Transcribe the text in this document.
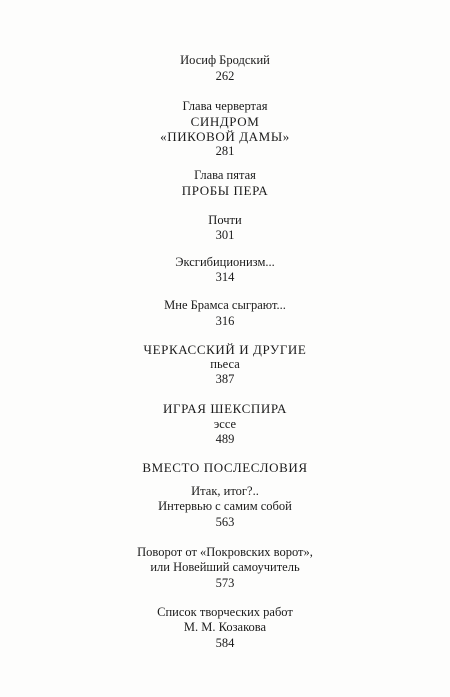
Иосиф Бродский
262
Глава червертая
СИНДРОМ
«ПИКОВОЙ ДАМЫ»
281
Глава пятая
ПРОБЫ ПЕРА
Почти
301
Эксгибиционизм...
314
Мне Брамса сыграют...
316
ЧЕРКАССКИЙ И ДРУГИЕ
пьеса
387
ИГРАЯ ШЕКСПИРА
эссе
489
ВМЕСТО ПОСЛЕСЛОВИЯ
Итак, итог?..
Интервью с самим собой
563
Поворот от «Покровских ворот»,
или Новейший самоучитель
573
Список творческих работ
М. М. Козакова
584
